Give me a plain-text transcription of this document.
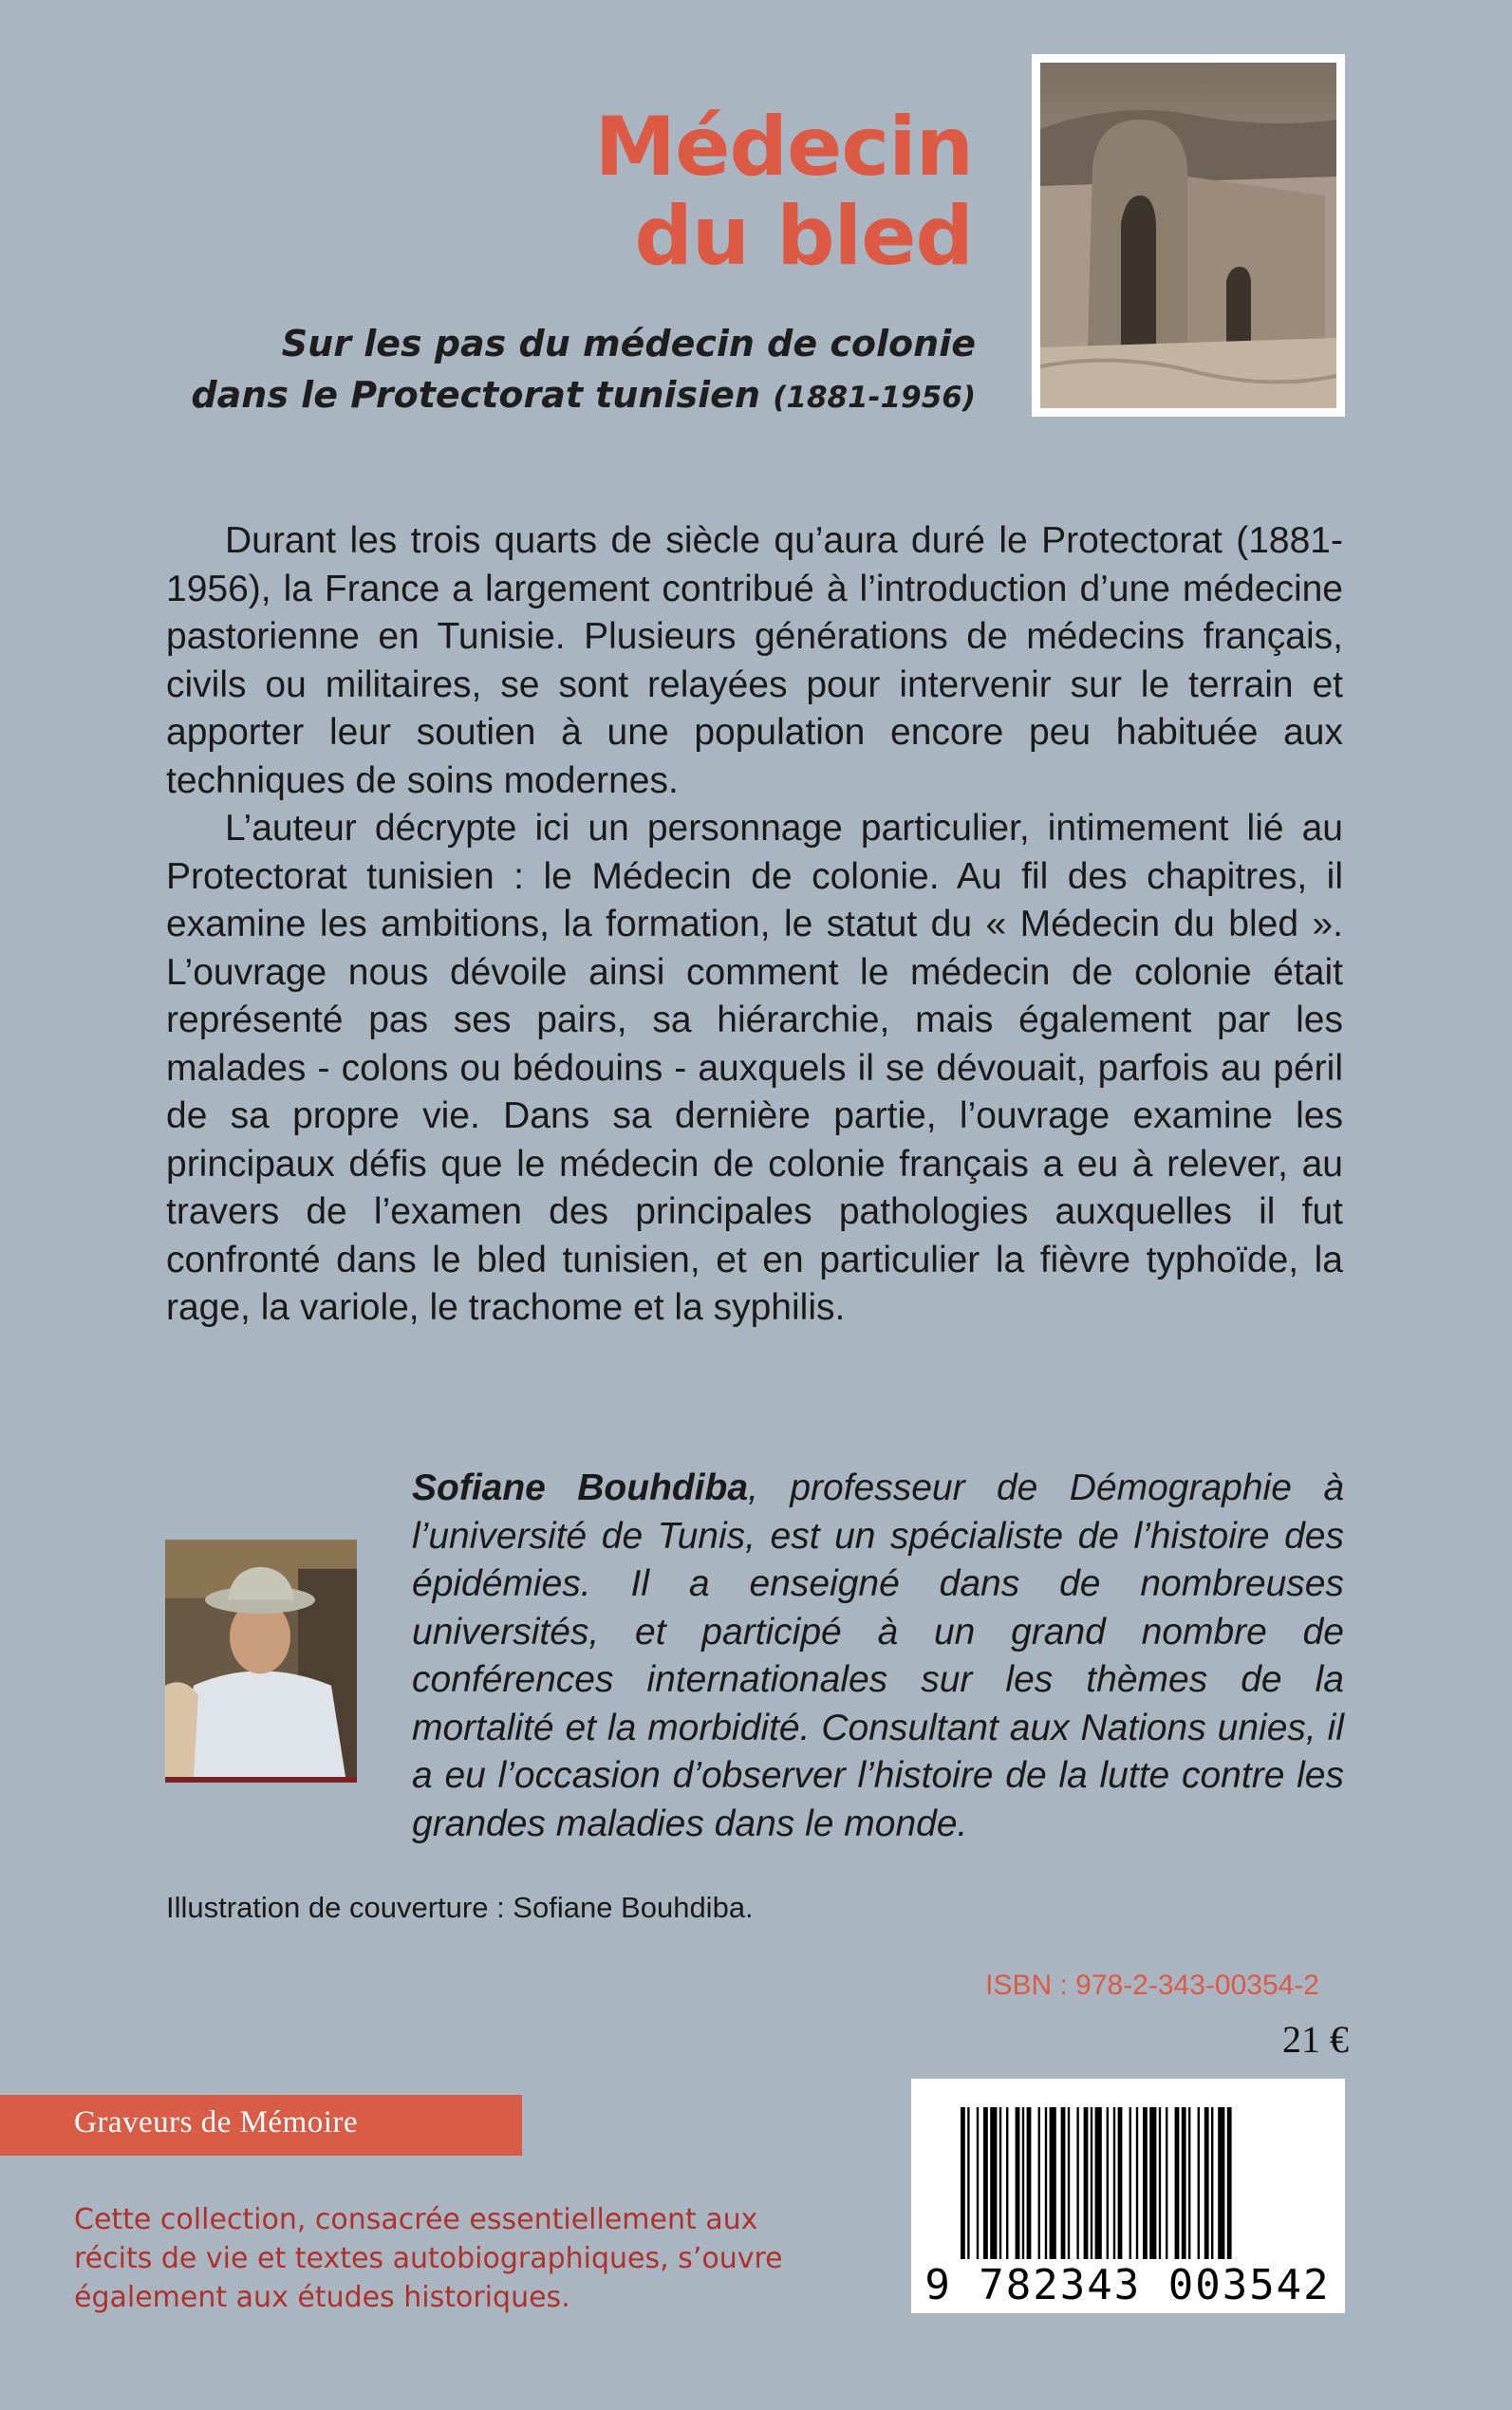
Médecin
du bled
Sur les pas du médecin de colonie
dans le Protectorat tunisien (1881-1956)

Durant les trois quarts de siècle qu’aura duré le Protectorat (1881-1956), la France a largement contribué à l’introduction d’une médecine pastorienne en Tunisie. Plusieurs générations de médecins français, civils ou militaires, se sont relayées pour intervenir sur le terrain et apporter leur soutien à une population encore peu habituée aux techniques de soins modernes.

L’auteur décrypte ici un personnage particulier, intimement lié au Protectorat tunisien : le Médecin de colonie. Au fil des chapitres, il examine les ambitions, la formation, le statut du « Médecin du bled ». L’ouvrage nous dévoile ainsi comment le médecin de colonie était représenté pas ses pairs, sa hiérarchie, mais également par les malades - colons ou bédouins - auxquels il se dévouait, parfois au péril de sa propre vie. Dans sa dernière partie, l’ouvrage examine les principaux défis que le médecin de colonie français a eu à relever, au travers de l’examen des principales pathologies auxquelles il fut confronté dans le bled tunisien, et en particulier la fièvre typhoïde, la rage, la variole, le trachome et la syphilis.

Sofiane Bouhdiba, professeur de Démographie à l’université de Tunis, est un spécialiste de l’histoire des épidémies. Il a enseigné dans de nombreuses universités, et participé à un grand nombre de conférences internationales sur les thèmes de la mortalité et la morbidité. Consultant aux Nations unies, il a eu l’occasion d’observer l’histoire de la lutte contre les grandes maladies dans le monde.
Illustration de couverture : Sofiane Bouhdiba.
ISBN : 978-2-343-00354-2
21 €
Graveurs de Mémoire
Cette collection, consacrée essentiellement aux récits de vie et textes autobiographiques, s’ouvre également aux études historiques.	9 782343 003542
